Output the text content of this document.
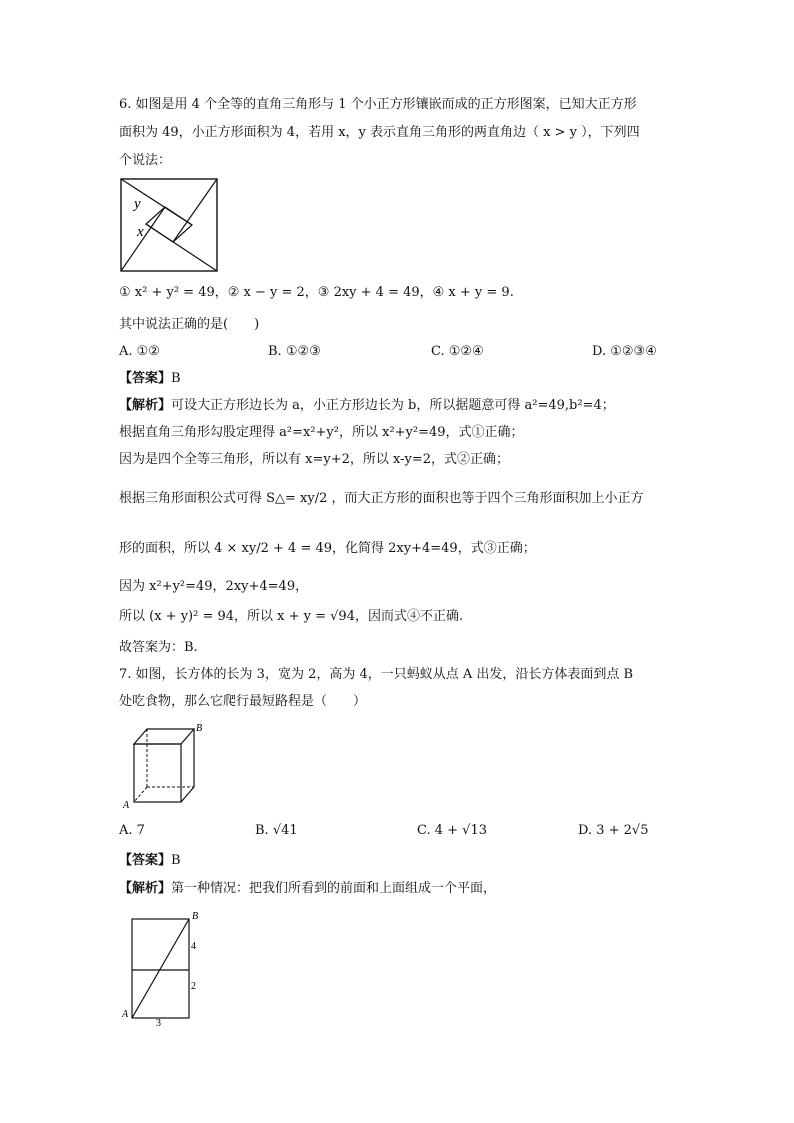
6. 如图是用 4 个全等的直角三角形与 1 个小正方形镶嵌而成的正方形图案，已知大正方形
面积为 49，小正方形面积为 4，若用 x，y 表示直角三角形的两直角边（ x > y ），下列四
个说法：
y
x
① x² + y² = 49，② x − y = 2，③ 2xy + 4 = 49，④ x + y = 9.
其中说法正确的是(　　)
A. ①②	B. ①②③	C. ①②④	D. ①②③④
【答案】B
【解析】可设大正方形边长为 a，小正方形边长为 b，所以据题意可得 a²=49,b²=4；
根据直角三角形勾股定理得 a²=x²+y²，所以 x²+y²=49，式①正确；
因为是四个全等三角形，所以有 x=y+2，所以 x-y=2，式②正确；
根据三角形面积公式可得 S△= xy/2 ，而大正方形的面积也等于四个三角形面积加上小正方
形的面积，所以 4 × xy/2 + 4 = 49，化简得 2xy+4=49，式③正确；
因为 x²+y²=49，2xy+4=49，
所以 (x + y)² = 94，所以 x + y = √94，因而式④不正确.
故答案为：B.
7. 如图，长方体的长为 3，宽为 2，高为 4，一只蚂蚁从点 A 出发，沿长方体表面到点 B
处吃食物，那么它爬行最短路程是（　　）
B
A
A. 7	B. √41	C. 4 + √13	D. 3 + 2√5
【答案】B
【解析】第一种情况：把我们所看到的前面和上面组成一个平面，
B
A
4
2
3
